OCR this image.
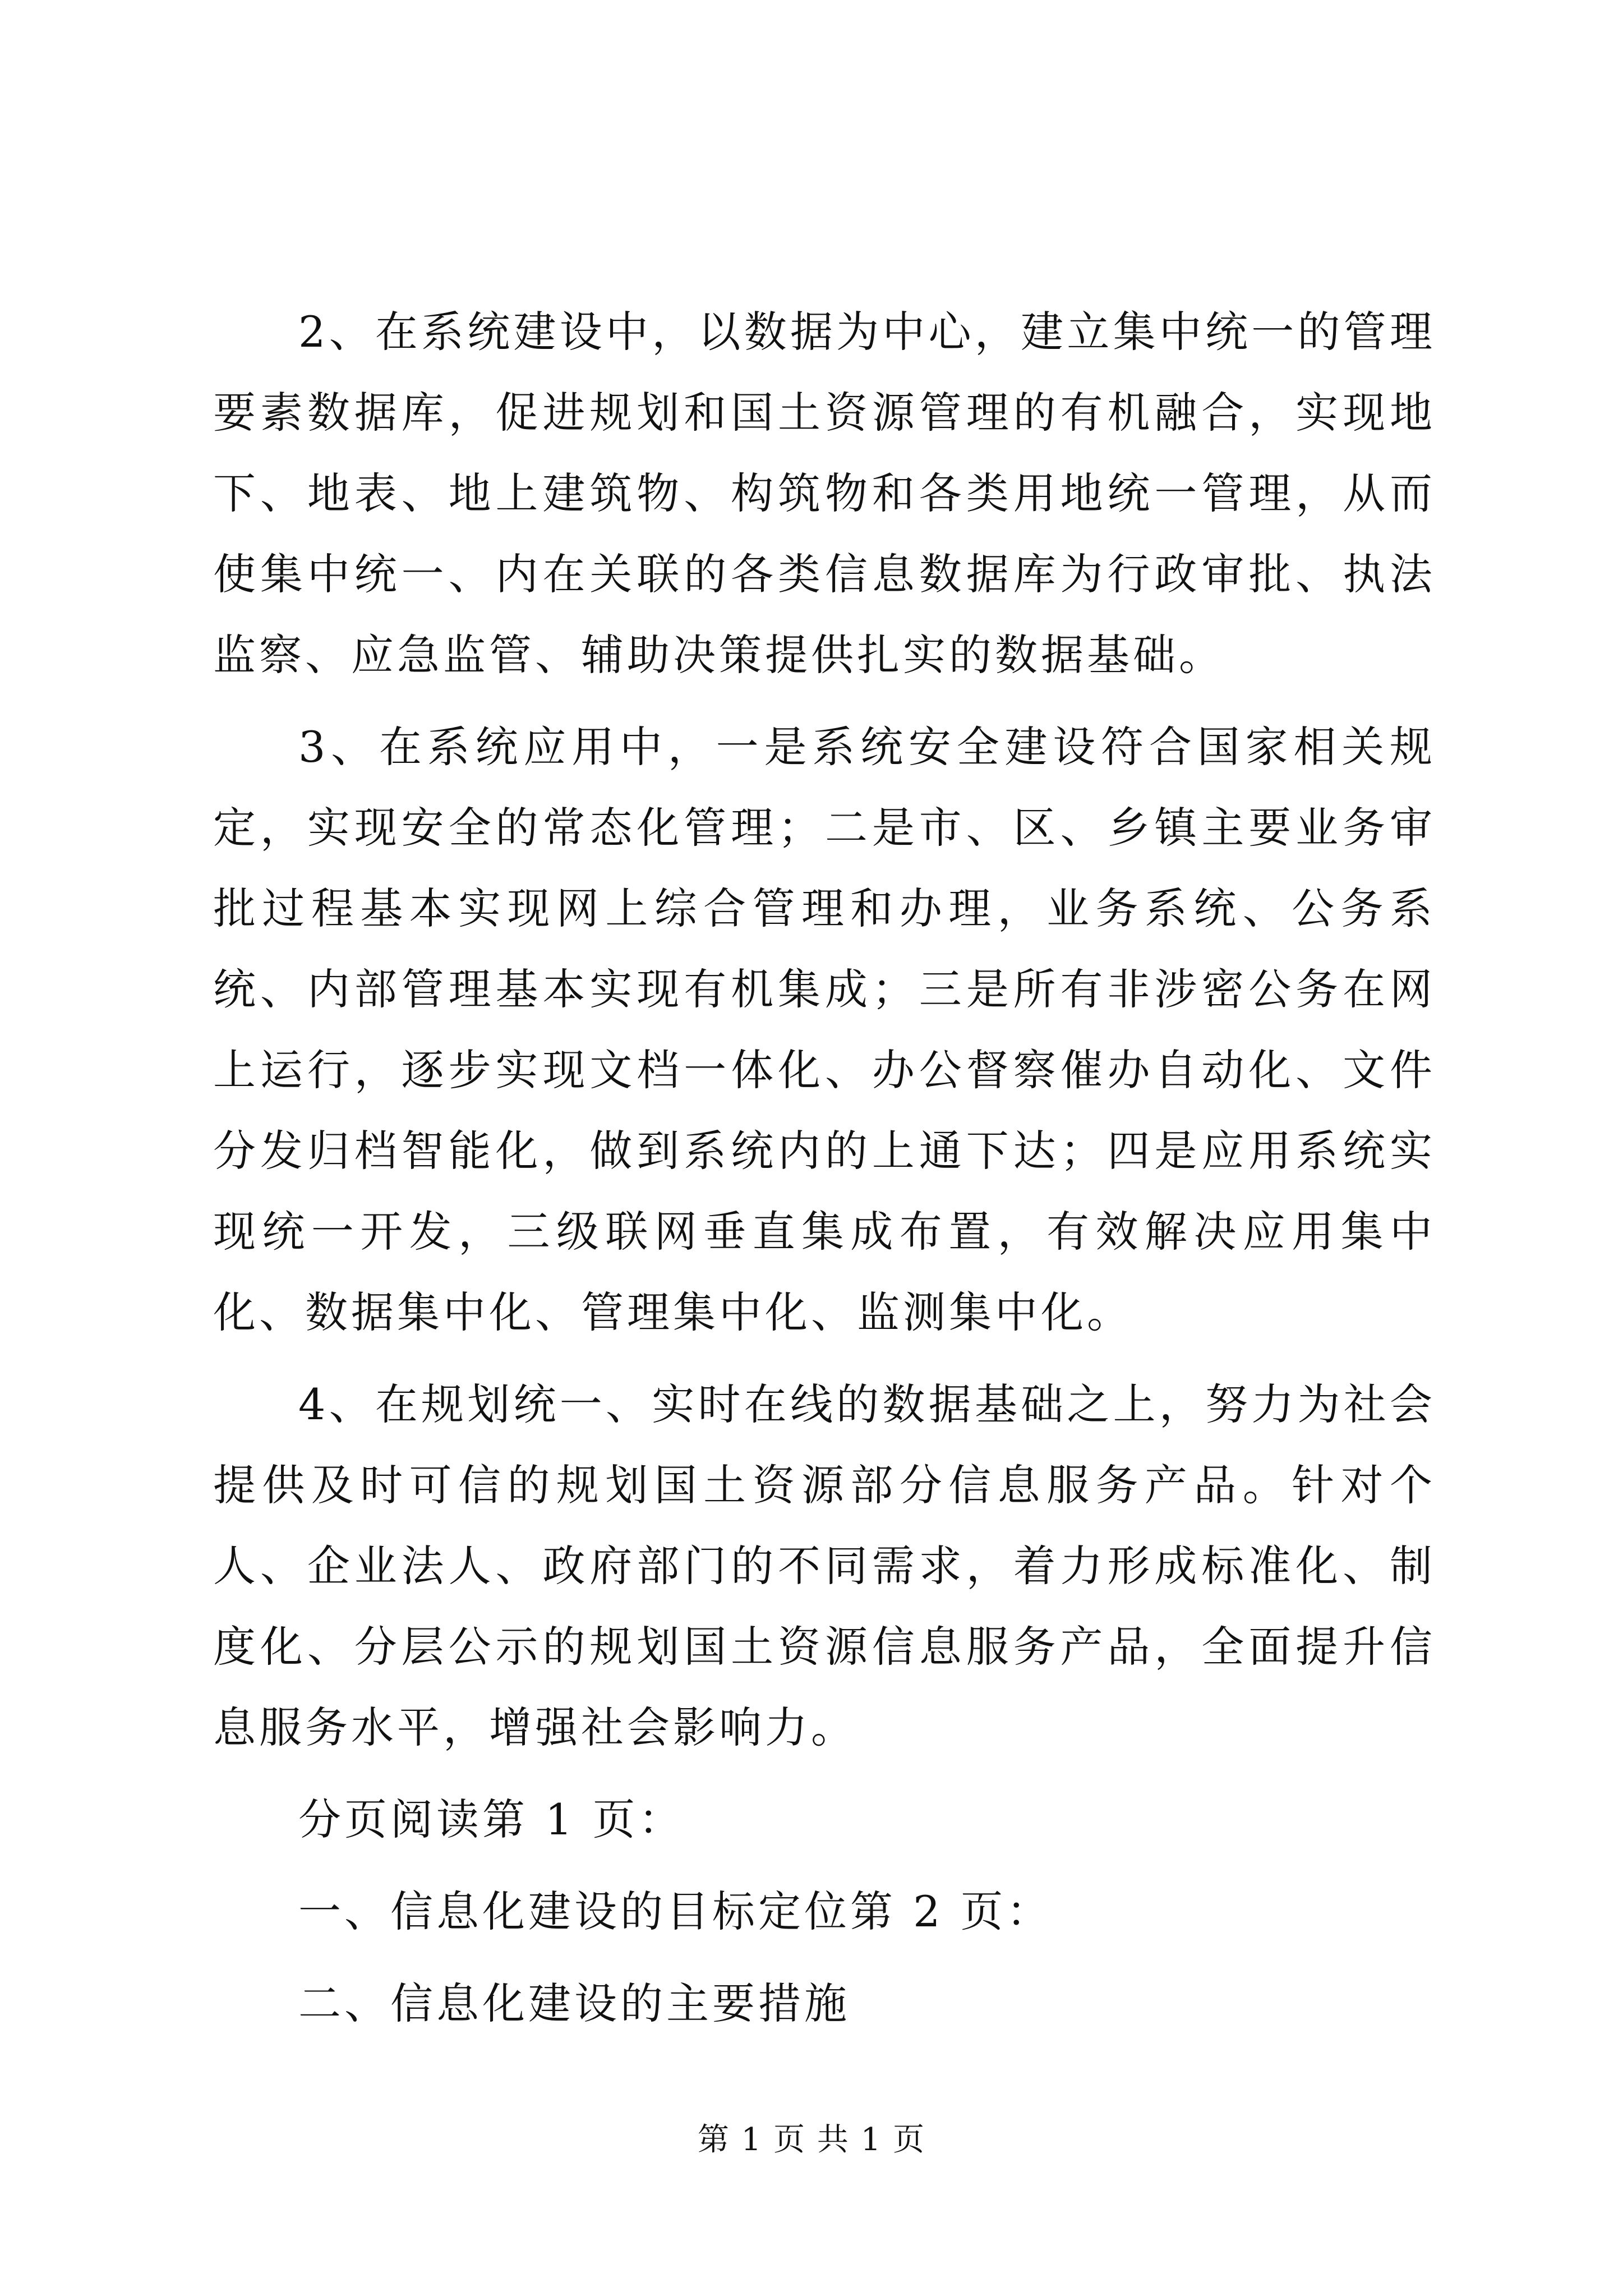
2、在系统建设中，以数据为中心，建立集中统一的管理要素数据库，促进规划和国土资源管理的有机融合，实现地下、地表、地上建筑物、构筑物和各类用地统一管理，从而使集中统一、内在关联的各类信息数据库为行政审批、执法监察、应急监管、辅助决策提供扎实的数据基础。

3、在系统应用中，一是系统安全建设符合国家相关规定，实现安全的常态化管理；二是市、区、乡镇主要业务审批过程基本实现网上综合管理和办理，业务系统、公务系统、内部管理基本实现有机集成；三是所有非涉密公务在网上运行，逐步实现文档一体化、办公督察催办自动化、文件分发归档智能化，做到系统内的上通下达；四是应用系统实现统一开发，三级联网垂直集成布置，有效解决应用集中化、数据集中化、管理集中化、监测集中化。

4、在规划统一、实时在线的数据基础之上，努力为社会提供及时可信的规划国土资源部分信息服务产品。针对个人、企业法人、政府部门的不同需求，着力形成标准化、制度化、分层公示的规划国土资源信息服务产品，全面提升信息服务水平，增强社会影响力。

分页阅读第 1 页：

一、信息化建设的目标定位第 2 页：

二、信息化建设的主要措施

第 1 页 共 1 页
